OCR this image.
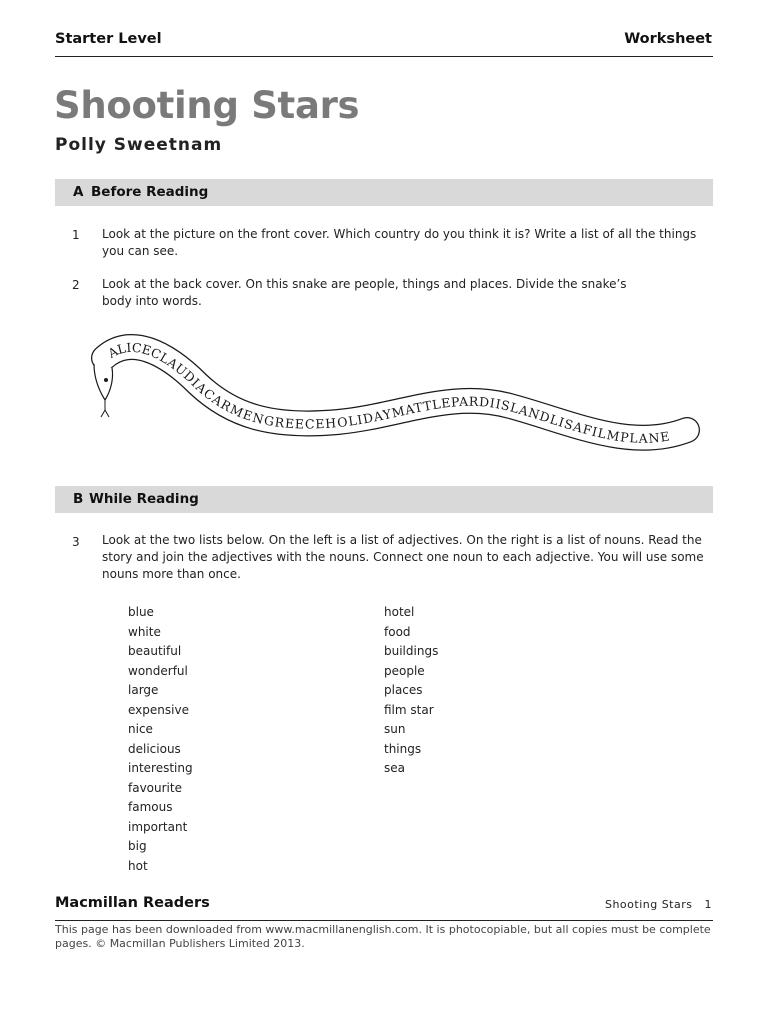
Starter Level	Worksheet
Shooting Stars
Polly Sweetnam
A Before Reading
1 Look at the picture on the front cover. Which country do you think it is? Write a list of all the things you can see.
2 Look at the back cover. On this snake are people, things and places. Divide the snake’s body into words.
ALICECLAUDIACARMENGREECEHOLIDAYMATTLEPARDIISLANDLISAFILMPLANE
B While Reading
3 Look at the two lists below. On the left is a list of adjectives. On the right is a list of nouns. Read the story and join the adjectives with the nouns. Connect one noun to each adjective. You will use some nouns more than once.
blue
white
beautiful
wonderful
large
expensive
nice
delicious
interesting
favourite
famous
important
big
hot
hotel
food
buildings
people
places
film star
sun
things
sea
Macmillan Readers	Shooting Stars 1
This page has been downloaded from www.macmillanenglish.com. It is photocopiable, but all copies must be complete pages. © Macmillan Publishers Limited 2013.
